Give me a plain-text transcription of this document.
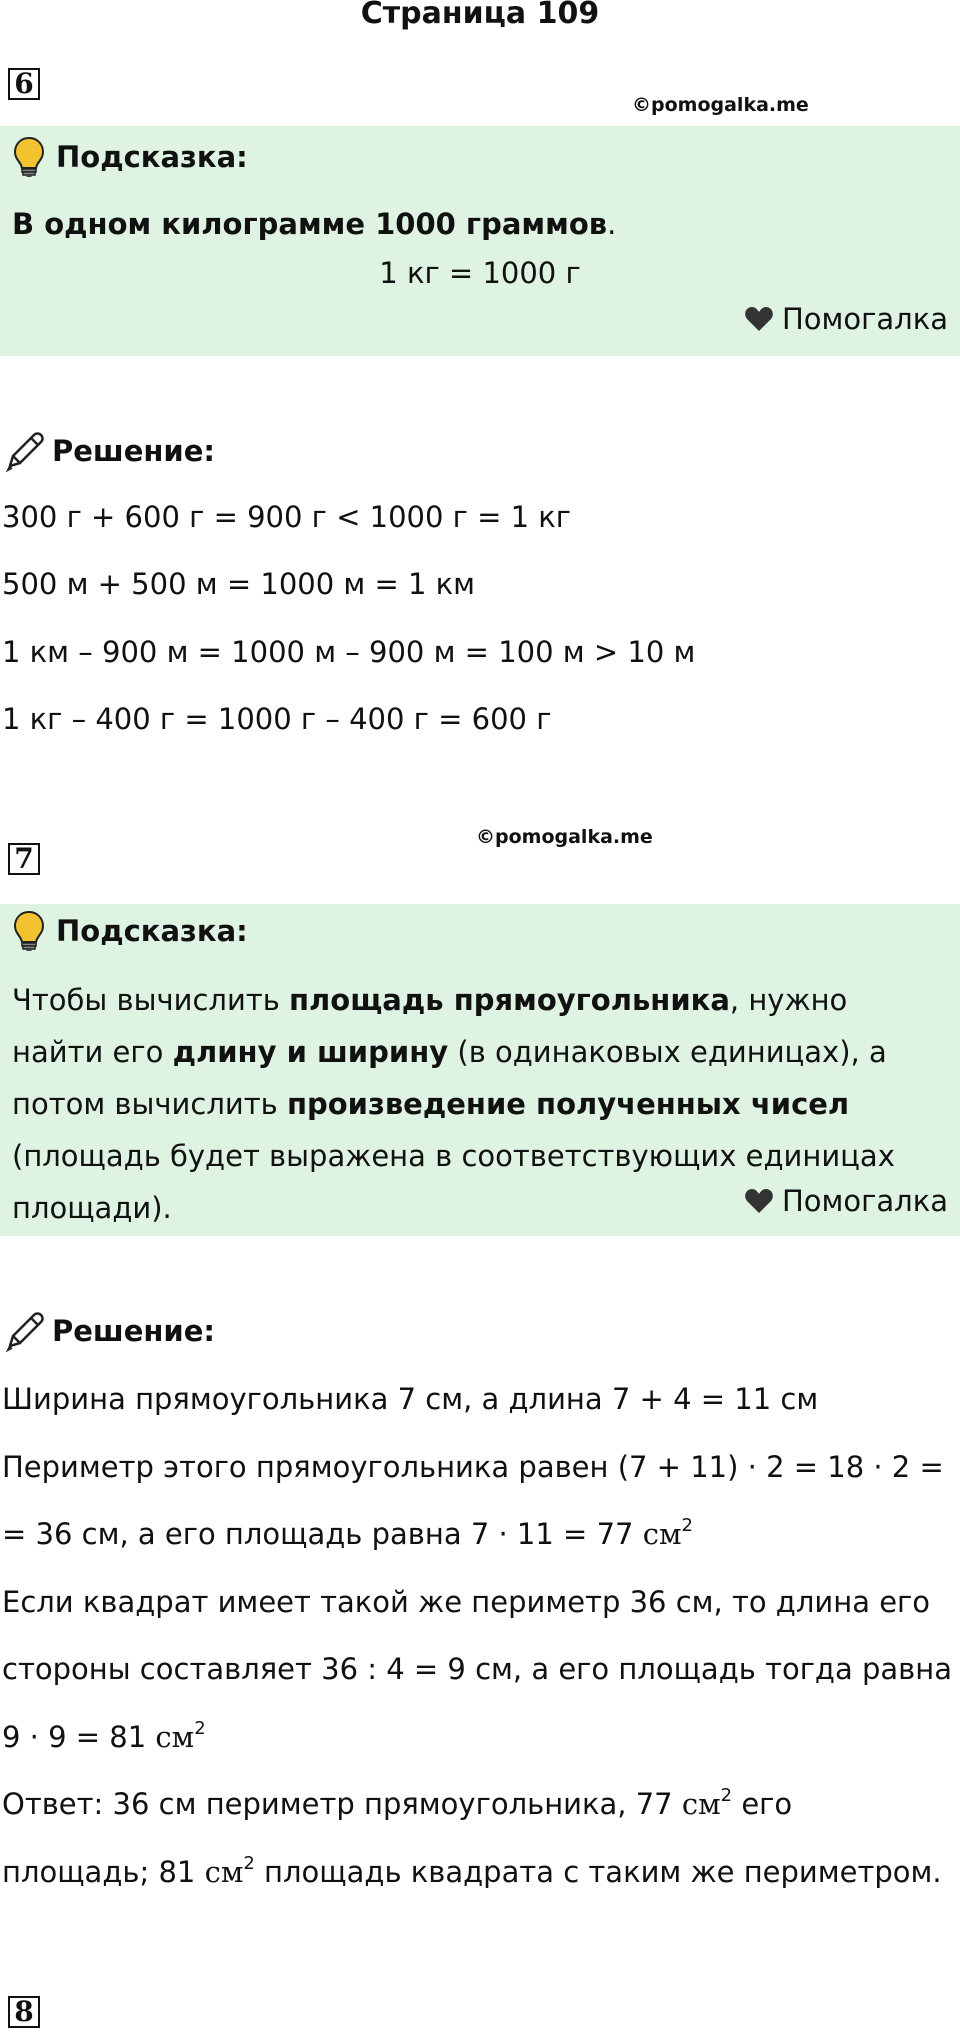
Страница 109
6
©pomogalka.me
Подсказка:
В одном килограмме 1000 граммов.
1 кг = 1000 г
Помогалка
Решение:
300 г + 600 г = 900 г < 1000 г = 1 кг
500 м + 500 м = 1000 м = 1 км
1 км – 900 м = 1000 м – 900 м = 100 м > 10 м
1 кг – 400 г = 1000 г – 400 г = 600 г
7
©pomogalka.me
Подсказка:
Чтобы вычислить площадь прямоугольника, нужно найти его длину и ширину (в одинаковых единицах), а потом вычислить произведение полученных чисел (площадь будет выражена в соответствующих единицах площади).	Помогалка
Решение:
Ширина прямоугольника 7 см, а длина 7 + 4 = 11 см
Периметр этого прямоугольника равен (7 + 11) · 2 = 18 · 2 =
= 36 см, а его площадь равна 7 · 11 = 77 $см^2$
Если квадрат имеет такой же периметр 36 см, то длина его
стороны составляет 36 : 4 = 9 см, а его площадь тогда равна
9 · 9 = 81 $см^2$
Ответ: 36 см периметр прямоугольника, 77 $см^2$ его
площадь; 81 $см^2$ площадь квадрата с таким же периметром.
8
